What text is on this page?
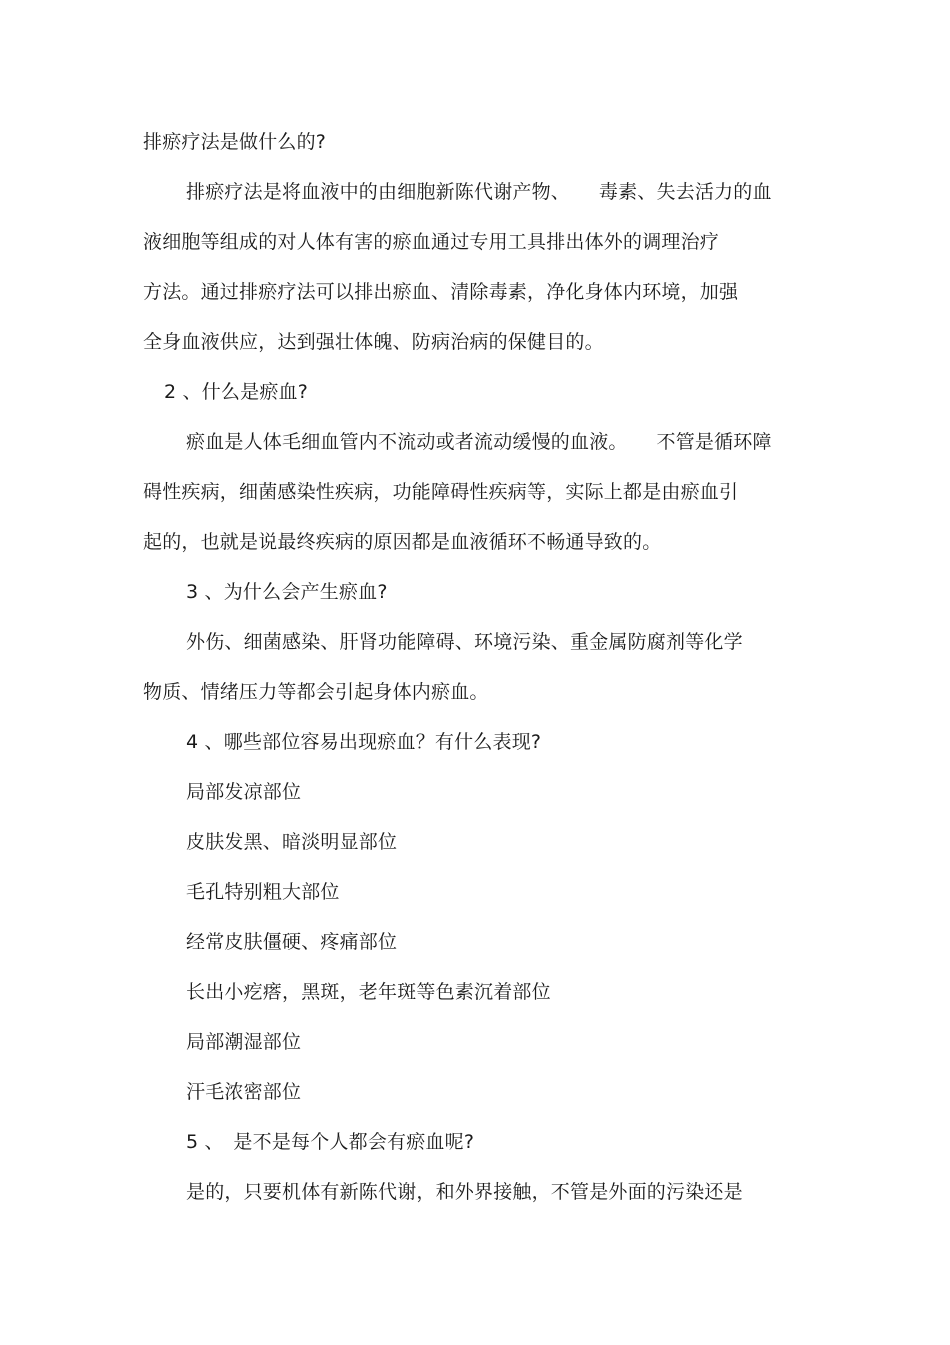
排瘀疗法是做什么的?
排瘀疗法是将血液中的由细胞新陈代谢产物、　　毒素、失去活力的血
液细胞等组成的对人体有害的瘀血通过专用工具排出体外的调理治疗
方法。通过排瘀疗法可以排出瘀血、清除毒素，净化身体内环境，加强
全身血液供应，达到强壮体魄、防病治病的保健目的。
2 、什么是瘀血?
瘀血是人体毛细血管内不流动或者流动缓慢的血液。　　不管是循环障
碍性疾病，细菌感染性疾病，功能障碍性疾病等，实际上都是由瘀血引
起的，也就是说最终疾病的原因都是血液循环不畅通导致的。
3 、为什么会产生瘀血?
外伤、细菌感染、肝肾功能障碍、环境污染、重金属防腐剂等化学
物质、情绪压力等都会引起身体内瘀血。
4 、哪些部位容易出现瘀血？有什么表现?
局部发凉部位
皮肤发黑、暗淡明显部位
毛孔特别粗大部位
经常皮肤僵硬、疼痛部位
长出小疙瘩，黑斑，老年斑等色素沉着部位
局部潮湿部位
汗毛浓密部位
5 、　是不是每个人都会有瘀血呢?
是的，只要机体有新陈代谢，和外界接触，不管是外面的污染还是
